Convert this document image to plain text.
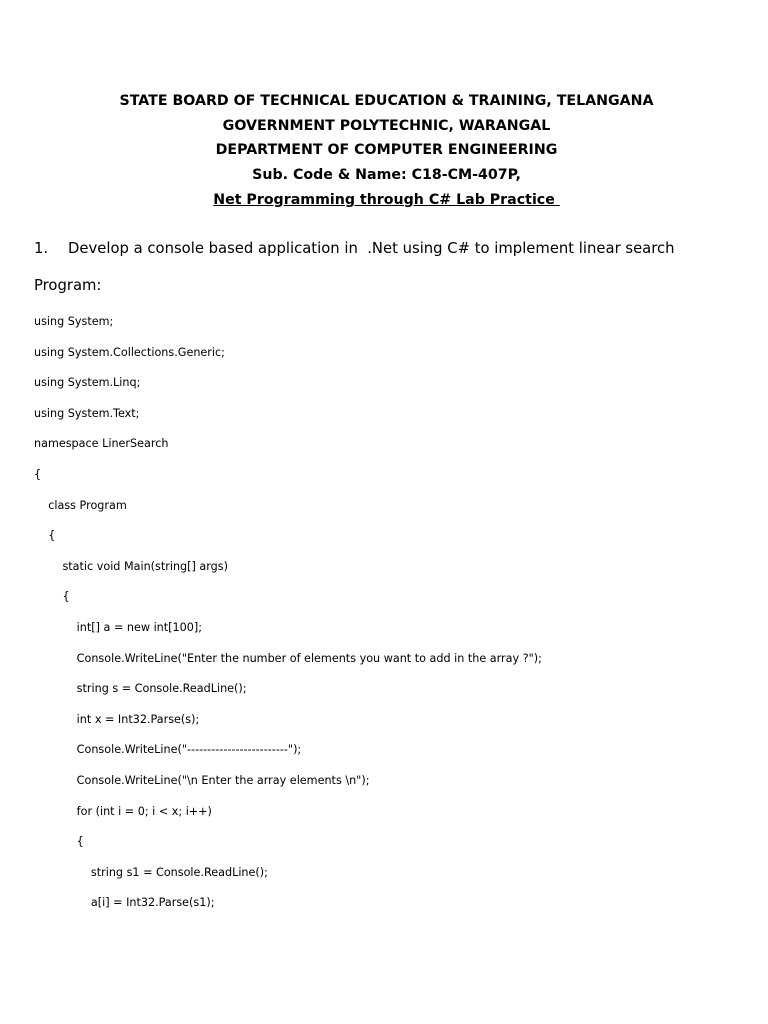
STATE BOARD OF TECHNICAL EDUCATION & TRAINING, TELANGANA
GOVERNMENT POLYTECHNIC, WARANGAL
DEPARTMENT OF COMPUTER ENGINEERING
Sub. Code & Name: C18-CM-407P,
Net Programming through C# Lab Practice
1. Develop a console based application in  .Net using C# to implement linear search
Program:
using System;
using System.Collections.Generic;
using System.Linq;
using System.Text;
namespace LinerSearch
{
class Program
{
static void Main(string[] args)
{
int[] a = new int[100];
Console.WriteLine("Enter the number of elements you want to add in the array ?");
string s = Console.ReadLine();
int x = Int32.Parse(s);
Console.WriteLine("-------------------------");
Console.WriteLine("\n Enter the array elements \n");
for (int i = 0; i < x; i++)
{
string s1 = Console.ReadLine();
a[i] = Int32.Parse(s1);
